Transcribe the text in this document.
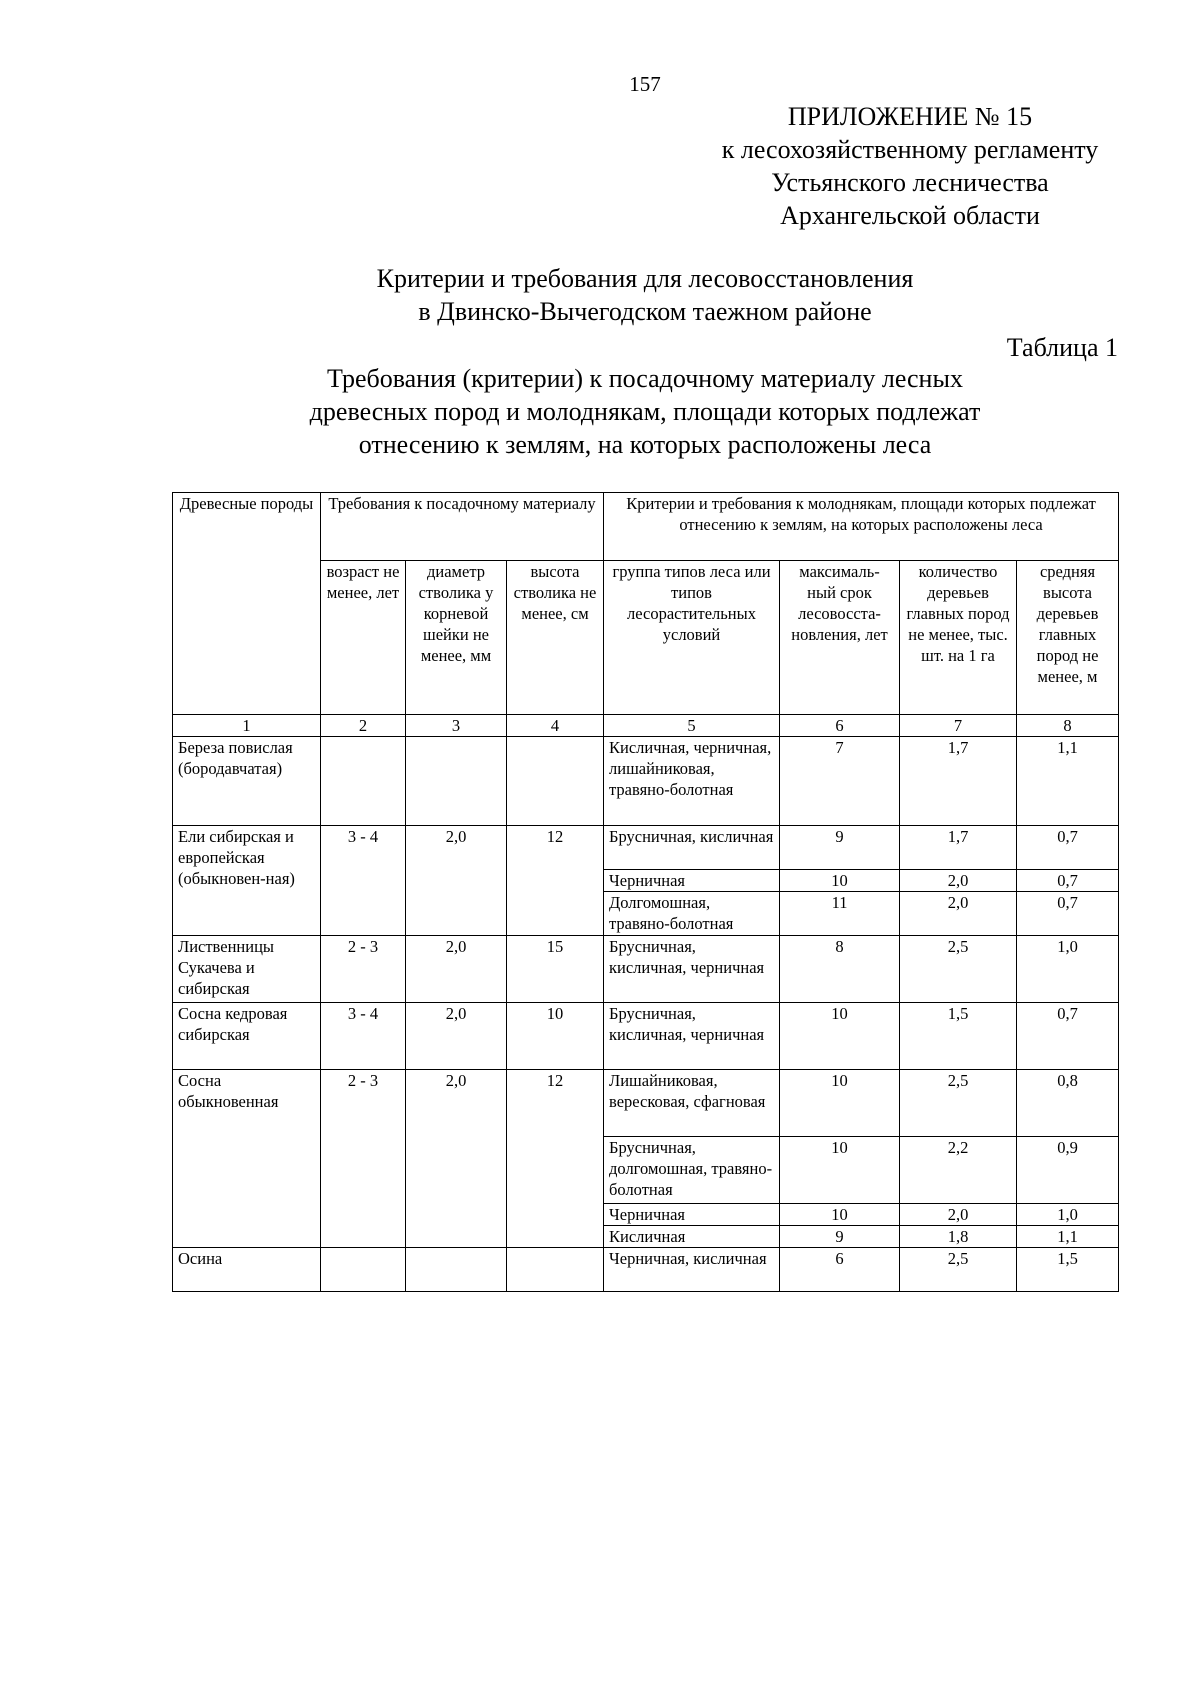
157
ПРИЛОЖЕНИЕ № 15
к лесохозяйственному регламенту
Устьянского лесничества
Архангельской области
Критерии и требования для лесовосстановления
в Двинско-Вычегодском таежном районе
Таблица 1
Требования (критерии) к посадочному материалу лесных
древесных пород и молоднякам, площади которых подлежат
отнесению к землям, на которых расположены леса
Древесные породы	Требования к посадочному материалу			Критерии и требования к молоднякам, площади которых подлежат отнесению к землям, на которых расположены леса			
	возраст не менее, лет	диаметр стволика у корневой шейки не менее, мм	высота стволика не менее, см	группа типов леса или типов лесорастительных условий	максималь-ный срок лесовосста-новления, лет	количество деревьев главных пород не менее, тыс. шт. на 1 га	средняя высота деревьев главных пород не менее, м
1	2	3	4	5	6	7	8
Береза повислая (бородавчатая)				Кисличная, черничная, лишайниковая, травяно-болотная	7	1,7	1,1
Ели сибирская и европейская (обыкновен-ная)	3 - 4	2,0	12	Брусничная, кисличная	9	1,7	0,7
				Черничная	10	2,0	0,7
				Долгомошная, травяно-болотная	11	2,0	0,7
Лиственницы Сукачева и сибирская	2 - 3	2,0	15	Брусничная, кисличная, черничная	8	2,5	1,0
Сосна кедровая сибирская	3 - 4	2,0	10	Брусничная, кисличная, черничная	10	1,5	0,7
Сосна обыкновенная	2 - 3	2,0	12	Лишайниковая, вересковая, сфагновая	10	2,5	0,8
				Брусничная, долгомошная, травяно-болотная	10	2,2	0,9
				Черничная	10	2,0	1,0
				Кисличная	9	1,8	1,1
Осина				Черничная, кисличная	6	2,5	1,5
